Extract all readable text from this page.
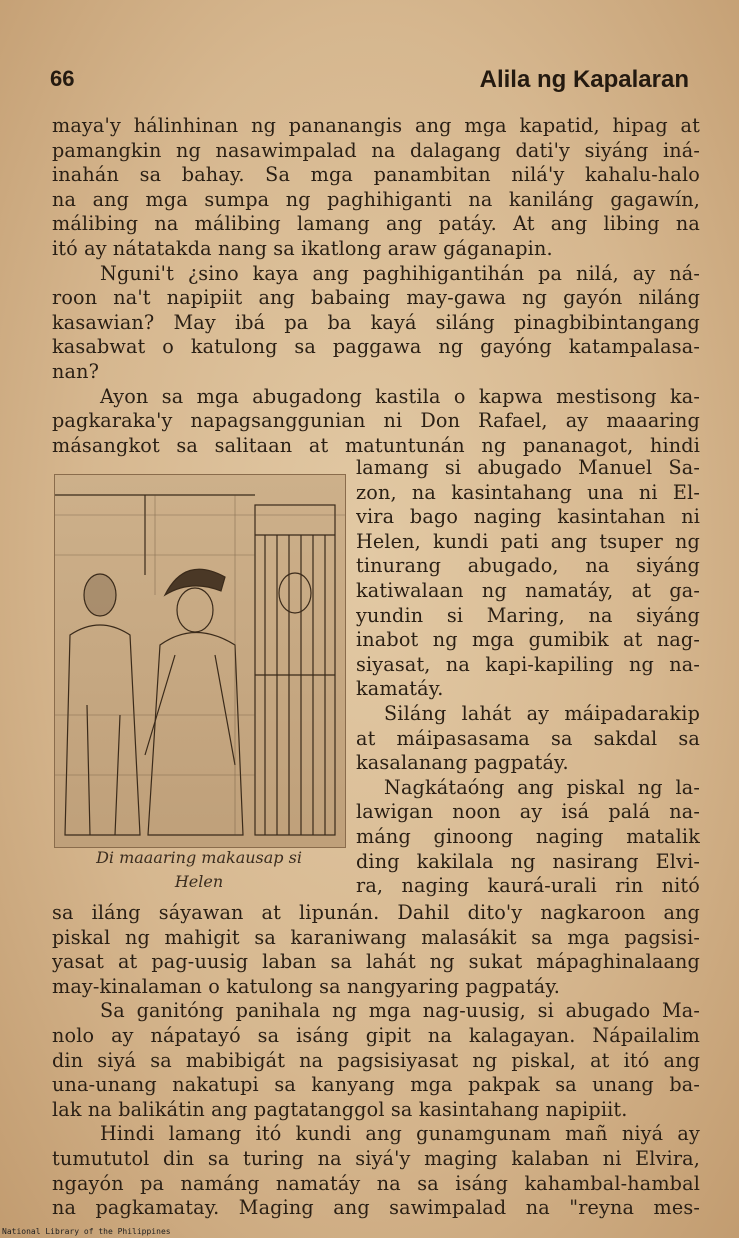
66	Alila ng Kapalaran
maya'y hálinhinan ng pananangis ang mga kapatid, hipag at
pamangkin ng nasawimpalad na dalagang dati'y siyáng iná-
inahán sa bahay. Sa mga panambitan nilá'y kahalu-halo
na ang mga sumpa ng paghihiganti na kaniláng gagawín,
málibing na málibing lamang ang patáy. At ang libing na
itó ay nátatakda nang sa ikatlong araw gáganapin.
Nguni't ¿sino kaya ang paghihigantihán pa nilá, ay ná-
roon na't napipiit ang babaing may-gawa ng gayón niláng
kasawian? May ibá pa ba kayá siláng pinagbibintangang
kasabwat o katulong sa paggawa ng gayóng katampalasa-
nan?
Ayon sa mga abugadong kastila o kapwa mestisong ka-
pagkaraka'y napagsanggunian ni Don Rafael, ay maaaring
másangkot sa salitaan at matuntunán ng pananagot, hindi
Di maaaring makausap si
Helen
lamang si abugado Manuel Sa-
zon, na kasintahang una ni El-
vira bago naging kasintahan ni
Helen, kundi pati ang tsuper ng
tinurang abugado, na siyáng
katiwalaan ng namatáy, at ga-
yundin si Maring, na siyáng
inabot ng mga gumibik at nag-
siyasat, na kapi-kapiling ng na-
kamatáy.
Siláng lahát ay máipadarakip
at máipasasama sa sakdal sa
kasalanang pagpatáy.
Nagkátaóng ang piskal ng la-
lawigan noon ay isá palá na-
máng ginoong naging matalik
ding kakilala ng nasirang Elvi-
ra, naging kaurá-urali rin nitó
sa iláng sáyawan at lipunán. Dahil dito'y nagkaroon ang
piskal ng mahigit sa karaniwang malasákit sa mga pagsisi-
yasat at pag-uusig laban sa lahát ng sukat mápaghinalaang
may-kinalaman o katulong sa nangyaring pagpatáy.
Sa ganitóng panihala ng mga nag-uusig, si abugado Ma-
nolo ay nápatayó sa isáng gipit na kalagayan. Nápailalim
din siyá sa mabibigát na pagsisiyasat ng piskal, at itó ang
una-unang nakatupi sa kanyang mga pakpak sa unang ba-
lak na balikátin ang pagtatanggol sa kasintahang napipiit.
Hindi lamang itó kundi ang gunamgunam mañ niyá ay
tumututol din sa turing na siyá'y maging kalaban ni Elvira,
ngayón pa namáng namatáy na sa isáng kahambal-hambal
na pagkamatay. Maging ang sawimpalad na "reyna mes-
National Library of the Philippines
